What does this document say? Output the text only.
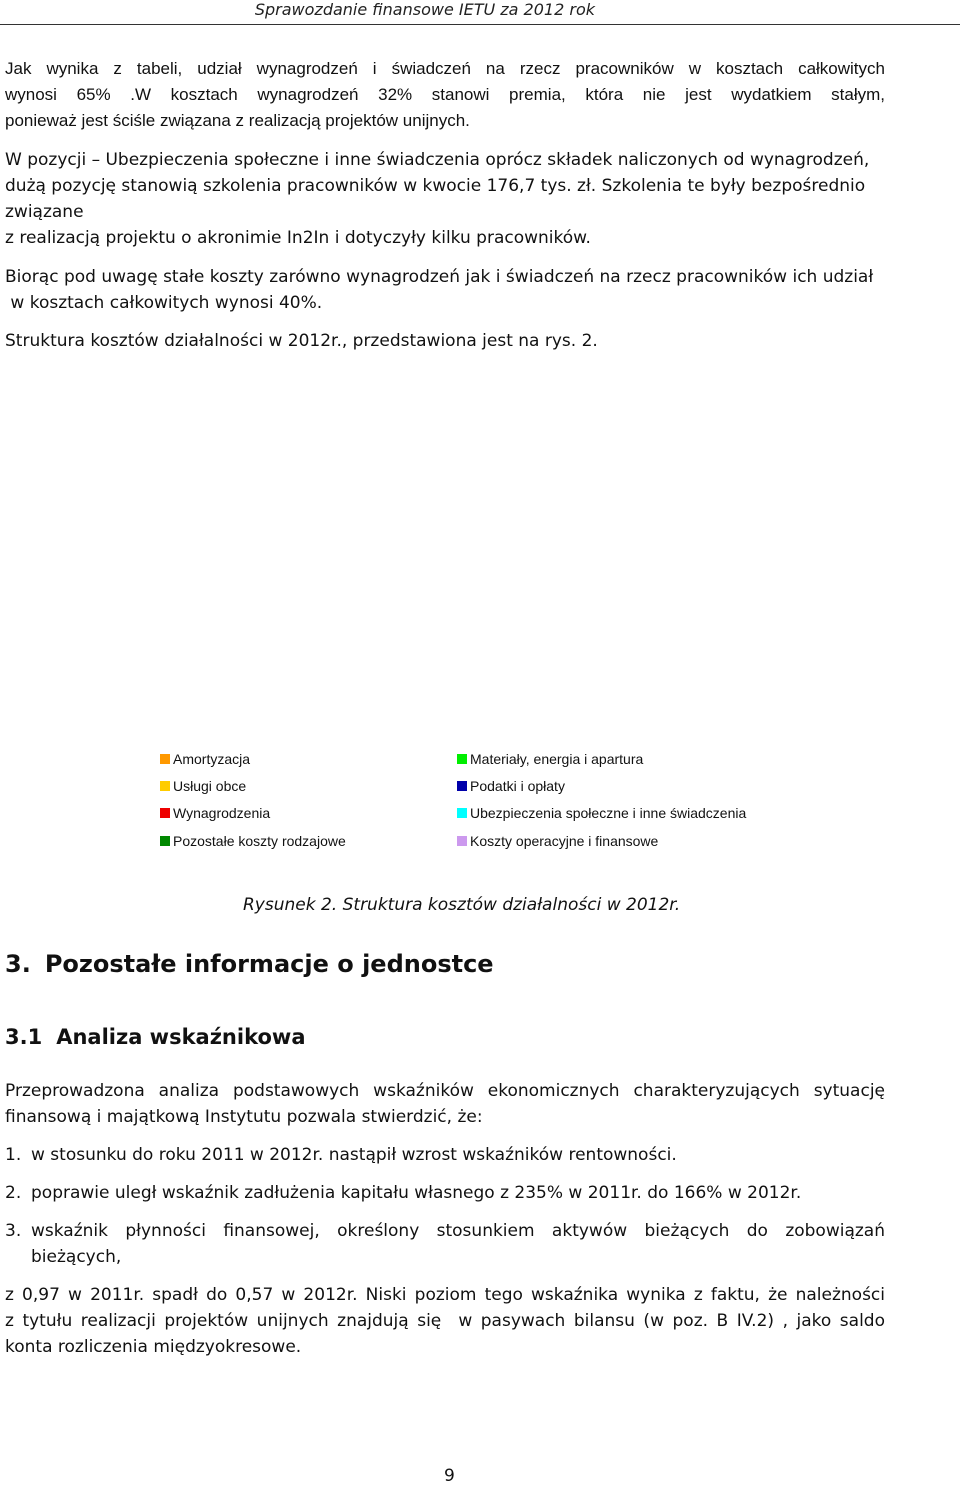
Sprawozdanie finansowe IETU za 2012 rok
Jak wynika z tabeli, udział wynagrodzeń i świadczeń na rzecz pracowników w kosztach całkowitych
wynosi 65% .W kosztach wynagrodzeń 32% stanowi premia, która nie jest wydatkiem stałym,
ponieważ jest ściśle związana z realizacją projektów unijnych.
W pozycji – Ubezpieczenia społeczne i inne świadczenia oprócz składek naliczonych od wynagrodzeń,
dużą pozycję stanowią szkolenia pracowników w kwocie 176,7 tys. zł. Szkolenia te były bezpośrednio
związane
z realizacją projektu o akronimie In2In i dotyczyły kilku pracowników.
Biorąc pod uwagę stałe koszty zarówno wynagrodzeń jak i świadczeń na rzecz pracowników ich udział
w kosztach całkowitych wynosi 40%.
Struktura kosztów działalności w 2012r., przedstawiona jest na rys. 2.
Amortyzacja	Materiały, energia i apartura
Usługi obce	Podatki i opłaty
Wynagrodzenia	Ubezpieczenia społeczne i inne świadczenia
Pozostałe koszty rodzajowe	Koszty operacyjne i finansowe
Rysunek 2. Struktura kosztów działalności w 2012r.
3. Pozostałe informacje o jednostce
3.1 Analiza wskaźnikowa
Przeprowadzona analiza podstawowych wskaźników ekonomicznych charakteryzujących sytuację
finansową i majątkową Instytutu pozwala stwierdzić, że:
1. w stosunku do roku 2011 w 2012r. nastąpił wzrost wskaźników rentowności.
2. poprawie uległ wskaźnik zadłużenia kapitału własnego z 235% w 2011r. do 166% w 2012r.
3. wskaźnik płynności finansowej, określony stosunkiem aktywów bieżących do zobowiązań
bieżących,
z 0,97 w 2011r. spadł do 0,57 w 2012r. Niski poziom tego wskaźnika wynika z faktu, że należności
z tytułu realizacji projektów unijnych znajdują się  w pasywach bilansu (w poz. B IV.2) , jako saldo
konta rozliczenia międzyokresowe.
9
